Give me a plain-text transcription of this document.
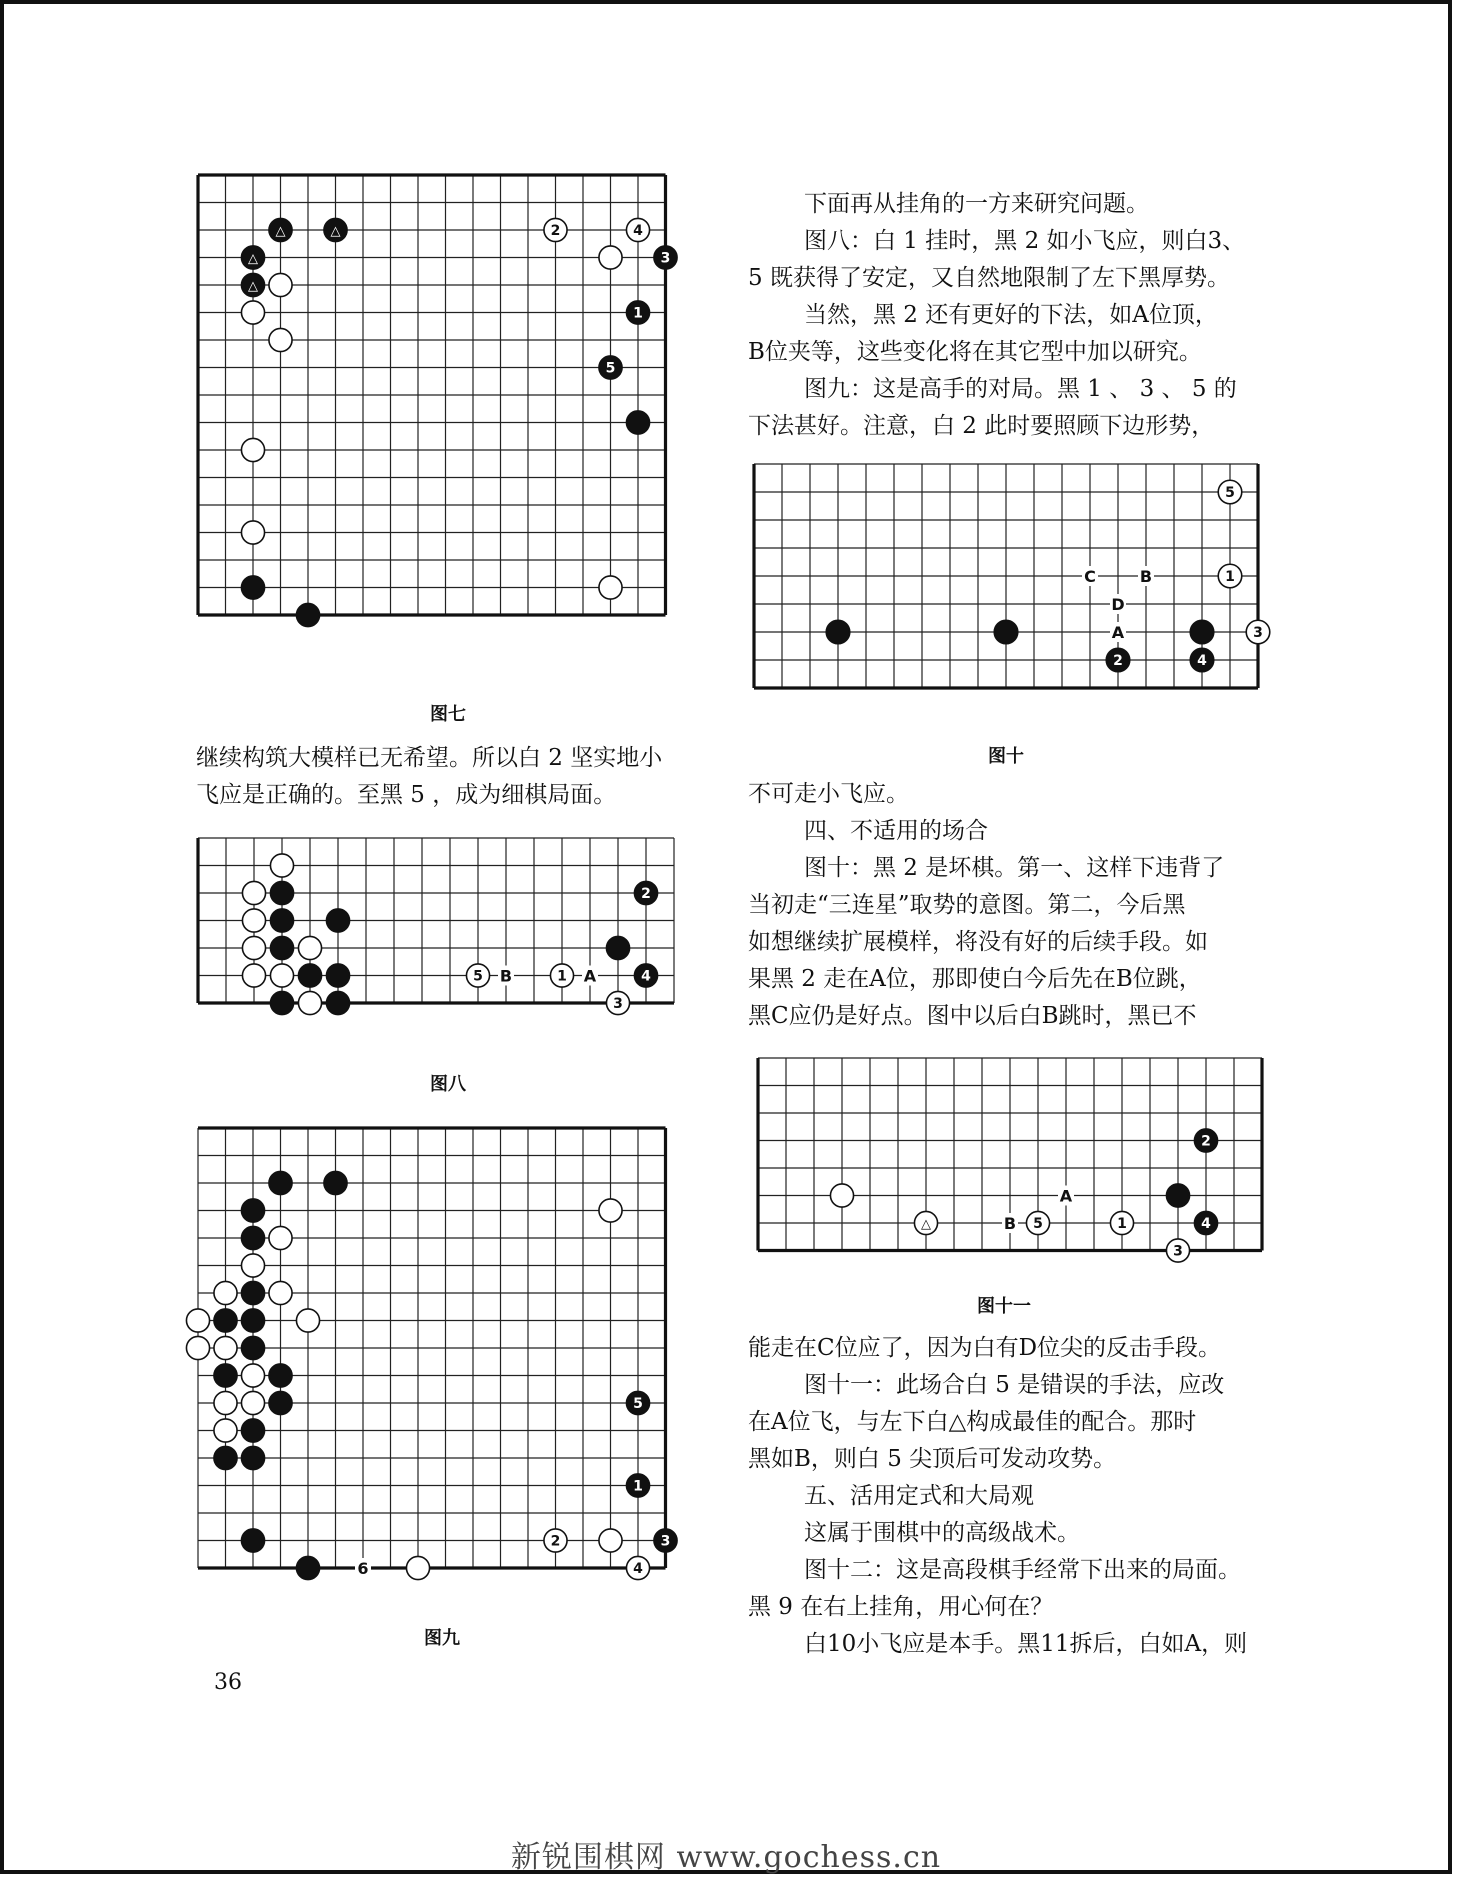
△	△
△
△
2	4
3
1
5
图七
B	A
2
4
5	1
3
图八
6
5
1
2	3
4
图九
C	B
D
A
5
1
3
2	4
图十
A
B
2
△	5	1	4
3
图十一

下面再从挂角的一方来研究问题。

图八：白 1 挂时，黑 2 如小飞应，则白3、

5 既获得了安定，又自然地限制了左下黑厚势。

当然，黑 2 还有更好的下法，如A位顶，

B位夹等，这些变化将在其它型中加以研究。

图九：这是高手的对局。黑 1 、 3 、 5 的

下法甚好。注意，白 2 此时要照顾下边形势，

继续构筑大模样已无希望。所以白 2 坚实地小

飞应是正确的。至黑 5 ，成为细棋局面。	不可走小飞应。

四、不适用的场合

图十：黑 2 是坏棋。第一、这样下违背了

当初走“三连星”取势的意图。第二，今后黑

如想继续扩展模样，将没有好的后续手段。如

果黑 2 走在A位，那即使白今后先在B位跳，

黑C应仍是好点。图中以后白B跳时，黑已不

能走在C位应了，因为白有D位尖的反击手段。

图十一：此场合白 5 是错误的手法，应改

在A位飞，与左下白△构成最佳的配合。那时

黑如B，则白 5 尖顶后可发动攻势。

五、活用定式和大局观

这属于围棋中的高级战术。

图十二：这是高段棋手经常下出来的局面。

黑 9 在右上挂角，用心何在？

白10小飞应是本手。黑11拆后，白如A，则

36
新锐围棋网 www.gochess.cn
